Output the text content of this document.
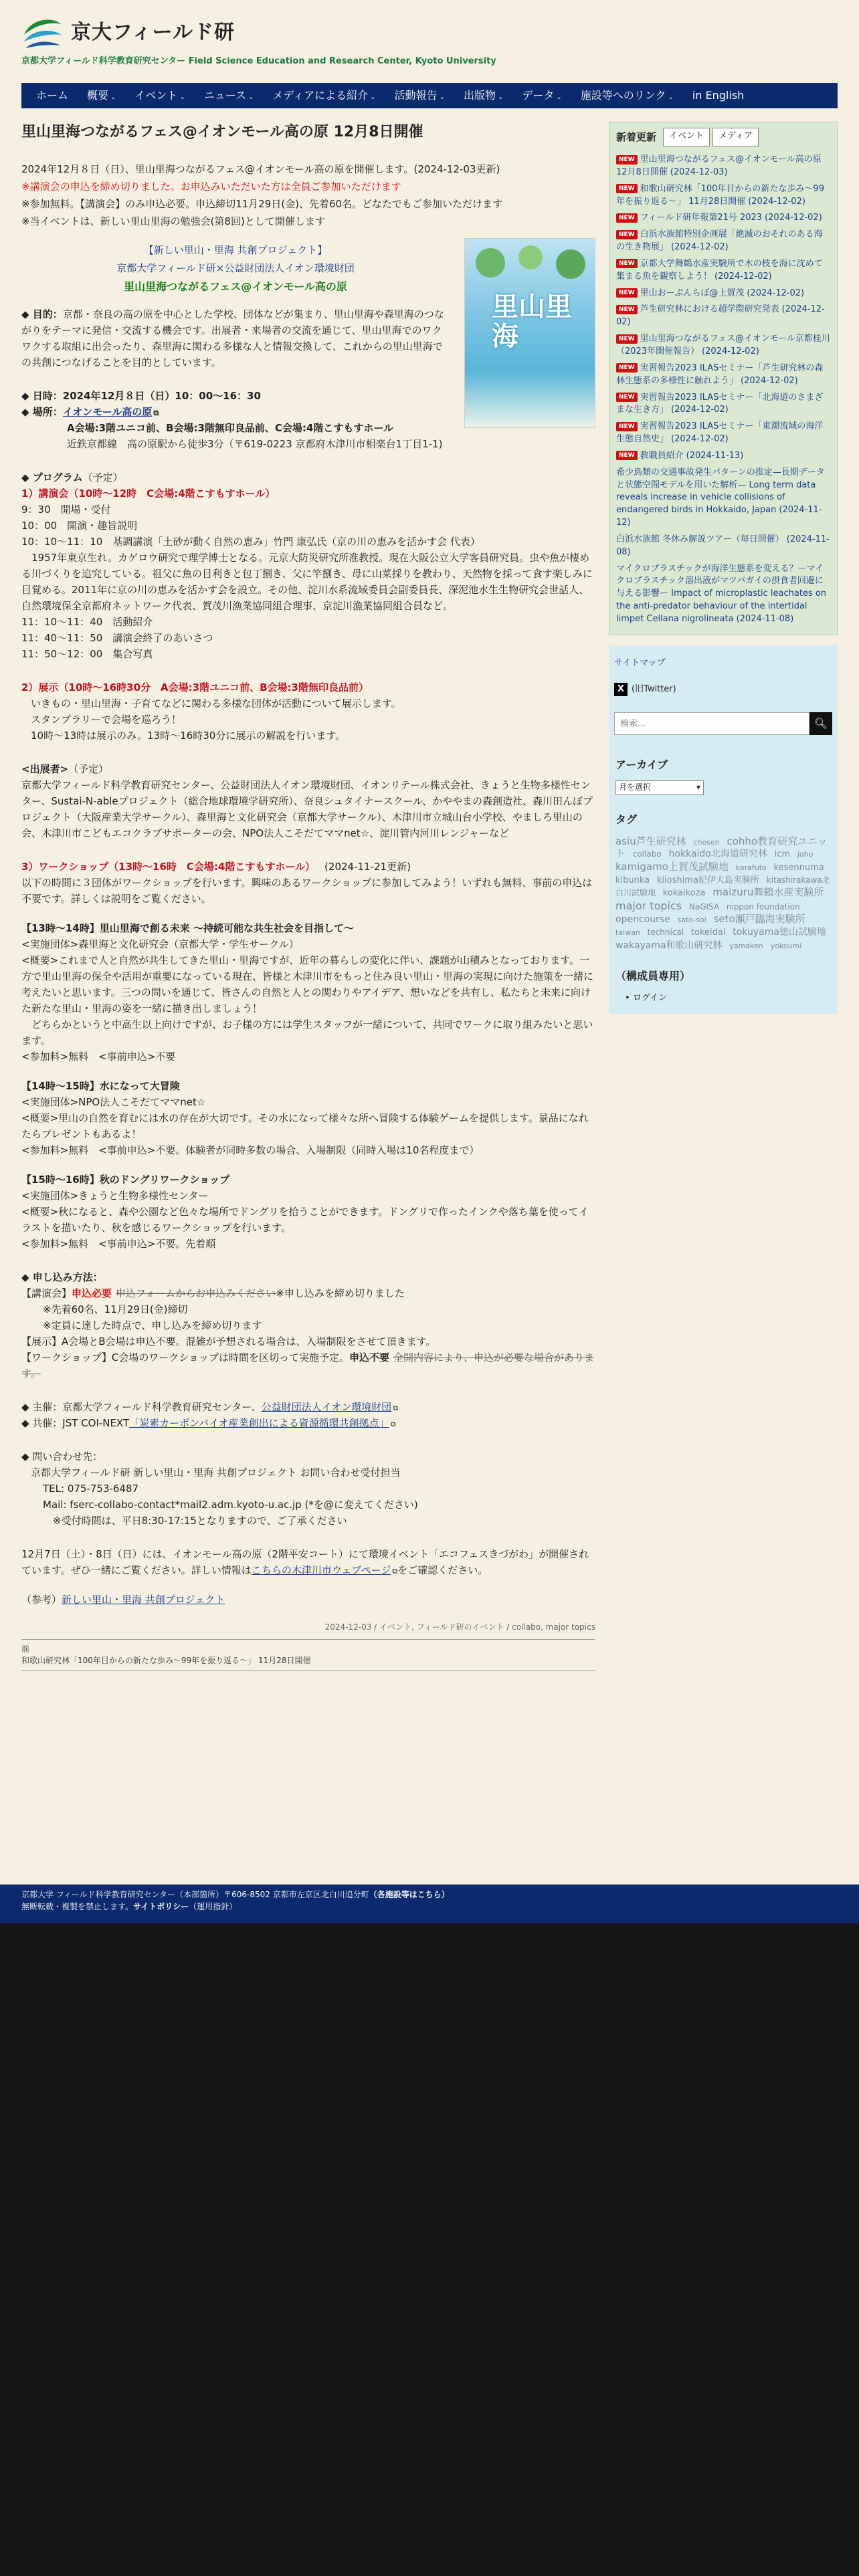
京大フィールド研
京都大学フィールド科学教育研究センター Field Science Education and Research Center, Kyoto University
ホーム	概要 ⌄	イベント ⌄	ニュース ⌄	メディアによる紹介 ⌄	活動報告 ⌄	出版物 ⌄	データ ⌄	施設等へのリンク ⌄	in English
里山里海つながるフェス@イオンモール高の原 12月8日開催
2024年12月８日（日）、里山里海つながるフェス@イオンモール高の原を開催します。(2024-12-03更新)
※講演会の申込を締め切りました。お申込みいただいた方は全員ご参加いただけます
※参加無料。【講演会】のみ申込必要。申込締切11月29日(金)、先着60名。どなたでもご参加いただけます
※当イベントは、新しい里山里海の勉強会(第8回)として開催します
【新しい里山・里海 共創プロジェクト】
京都大学フィールド研×公益財団法人イオン環境財団
里山里海つながるフェス@イオンモール高の原
◆ 目的：京都・奈良の高の原を中心とした学校、団体などが集まり、里山里海や森里海のつながりをテーマに発信・交流する機会です。出展者・来場者の交流を通じて、里山里海でのワクワクする取組に出会ったり、森里海に関わる多様な人と情報交換して、これからの里山里海での共創につなげることを目的としています。
里山里海
◆ 日時：2024年12月８日（日）10：00〜16：30
◆ 場所：イオンモール高の原 ⧉
A会場:3階ユニコ前、B会場:3階無印良品前、C会場:4階こすもすホール
近鉄京都線　高の原駅から徒歩3分（〒619-0223 京都府木津川市相楽台1丁目1-1)
◆ プログラム（予定）
1）講演会（10時〜12時　C会場:4階こすもすホール）
9：30　開場・受付
10：00　開演・趣旨説明
10：10〜11：10　基調講演「土砂が動く自然の恵み」竹門 康弘氏（京の川の恵みを活かす会 代表）
　1957年東京生れ。カゲロウ研究で理学博士となる。元京大防災研究所准教授。現在大阪公立大学客員研究員。虫や魚が棲める川づくりを追究している。祖父に魚の目利きと包丁捌き、父に竿捌き、母に山菜採りを教わり、天然物を採って食す楽しみに目覚める。2011年に京の川の恵みを活かす会を設立。その他、淀川水系流域委員会副委員長、深泥池水生生物研究会世話人、自然環境保全京都府ネットワーク代表、賀茂川漁業協同組合理事、京淀川漁業協同組合員など。
11：10〜11：40　活動紹介
11：40〜11：50　講演会終了のあいさつ
11：50〜12：00　集合写真
2）展示（10時〜16時30分　A会場:3階ユニコ前、B会場:3階無印良品前）
いきもの・里山里海・子育てなどに関わる多様な団体が活動について展示します。
スタンプラリーで会場を巡ろう！
10時〜13時は展示のみ。13時〜16時30分に展示の解説を行います。
<出展者>（予定）
京都大学フィールド科学教育研究センター、公益財団法人イオン環境財団、イオンリテール株式会社、きょうと生物多様性センター、Sustai-N-ableプロジェクト（総合地球環境学研究所）、奈良シュタイナースクール、かややまの森創造社、森川田んぼプロジェクト（大阪産業大学サークル）、森里海と文化研究会（京都大学サークル）、木津川市立城山台小学校、やましろ里山の会、木津川市こどもエコクラブサポーターの会、NPO法人こそだてママnet☆、淀川管内河川レンジャーなど
3）ワークショップ（13時〜16時　C会場:4階こすもすホール） (2024-11-21更新)
以下の時間に３団体がワークショップを行います。興味のあるワークショップに参加してみよう！いずれも無料、事前の申込は不要です。詳しくは説明をご覧ください。
【13時〜14時】里山里海で創る未来 〜持続可能な共生社会を目指して〜
<実施団体>森里海と文化研究会（京都大学・学生サークル）
<概要>これまで人と自然が共生してきた里山・里海ですが、近年の暮らしの変化に伴い、課題が山積みとなっております。一方で里山里海の保全や活用が重要になっている現在、皆様と木津川市をもっと住み良い里山・里海の実現に向けた施策を一緒に考えたいと思います。三つの問いを通じて、皆さんの自然と人との関わりやアイデア、想いなどを共有し、私たちと未来に向けた新たな里山・里海の姿を一緒に描き出しましょう！
　どちらかというと中高生以上向けですが、お子様の方には学生スタッフが一緒について、共同でワークに取り組みたいと思います。
<参加料>無料　<事前申込>不要
【14時〜15時】水になって大冒険
<実施団体>NPO法人こそだてママnet☆
<概要>里山の自然を育むには水の存在が大切です。その水になって様々な所へ冒険する体験ゲームを提供します。景品になれたらプレゼントもあるよ！
<参加料>無料　<事前申込>不要。体験者が同時多数の場合、入場制限（同時入場は10名程度まで）
【15時〜16時】秋のドングリワークショップ
<実施団体>きょうと生物多様性センター
<概要>秋になると、森や公園など色々な場所でドングリを拾うことができます。ドングリで作ったインクや落ち葉を使ってイラストを描いたり、秋を感じるワークショップを行います。
<参加料>無料　<事前申込>不要。先着順
◆ 申し込み方法：
【講演会】申込必要 申込フォームからお申込みください※申し込みを締め切りました
※先着60名、11月29日(金)締切
※定員に達した時点で、申し込みを締め切ります
【展示】A会場とB会場は申込不要。混雑が予想される場合は、入場制限をさせて頂きます。
【ワークショップ】C会場のワークショップは時間を区切って実施予定。申込不要 全開内容により、申込が必要な場合があります。
◆ 主催：京都大学フィールド科学教育研究センター、公益財団法人イオン環境財団 ⧉
◆ 共催：JST COI-NEXT「炭素カーボンバイオ産業創出による資源循環共創拠点」 ⧉
◆ 問い合わせ先：
京都大学フィールド研 新しい里山・里海 共創プロジェクト お問い合わせ受付担当
TEL: 075-753-6487
Mail: fserc-collabo-contact*mail2.adm.kyoto-u.ac.jp (*を@に変えてください)
　※受付時間は、平日8:30-17:15となりますので、ご了承ください
12月7日（土）・8日（日）には、イオンモール高の原（2階平安コート）にて環境イベント「エコフェスきづがわ」が開催されています。ぜひ一緒にご覧ください。詳しい情報はこちらの木津川市ウェブページ ⧉をご確認ください。
（参考）新しい里山・里海 共創プロジェクト
2024-12-03 / イベント, フィールド研のイベント / collabo, major topics
前
和歌山研究林「100年目からの新たな歩み〜99年を振り返る〜」 11月28日開催
新着更新	イベント	メディア
NEW 里山里海つながるフェス@イオンモール高の原 12月8日開催 (2024-12-03)
NEW 和歌山研究林「100年目からの新たな歩み〜99年を振り返る〜」 11月28日開催 (2024-12-02)
NEW フィールド研年報第21号 2023 (2024-12-02)
NEW 白浜水族館特別企画展「絶滅のおそれのある海の生き物展」 (2024-12-02)
NEW 京都大学舞鶴水産実験所で木の枝を海に沈めて集まる魚を観察しよう！ (2024-12-02)
NEW 里山おーぷんらぼ@上賀茂 (2024-12-02)
NEW 芦生研究林における超学際研究発表 (2024-12-02)
NEW 里山里海つながるフェス@イオンモール京都桂川（2023年開催報告） (2024-12-02)
NEW 実習報告2023 ILASセミナー「芦生研究林の森林生態系の多様性に触れよう」 (2024-12-02)
NEW 実習報告2023 ILASセミナー「北海道のさまざまな生き方」 (2024-12-02)
NEW 実習報告2023 ILASセミナー「東潮流域の海洋生態自然史」 (2024-12-02)
NEW 教職員紹介 (2024-11-13)
希少鳥類の交通事故発生パターンの推定—長期データと状態空間モデルを用いた解析— Long term data reveals increase in vehicle collisions of endangered birds in Hokkaido, Japan (2024-11-12)
白浜水族館 冬休み解説ツアー（毎日開催） (2024-11-08)
マイクロプラスチックが海洋生態系を変える？ーマイクロプラスチック溶出液がマツバガイの摂食者回避に与える影響ー Impact of microplastic leachates on the anti-predator behaviour of the intertidal limpet Cellana nigrolineata (2024-11-08)
サイトマップ
X (旧Twitter)
検索...
🔍︎
アーカイブ
月を選択	▾
タグ
asiu芦生研究林 chosen cohho教育研究ユニット collabo hokkaido北海道研究林 icm joho kamigamo上賀茂試験地 karafuto kesennuma kibunka kiioshima紀伊大島実験所 kitashirakawa北白川試験地 kokaikoza maizuru舞鶴水産実験所 major topics NaGISA nippon foundation opencourse sato-sol seto瀬戸臨海実験所 taiwan technical tokeidai tokuyama徳山試験地 wakayama和歌山研究林 yamaken yokoumi
（構成員専用）
• ログイン
京都大学 フィールド科学教育研究センター（本部箇所）〒606-8502 京都市左京区北白川追分町（各施設等はこちら）
無断転載・複製を禁止します。サイトポリシー（運用指針）
